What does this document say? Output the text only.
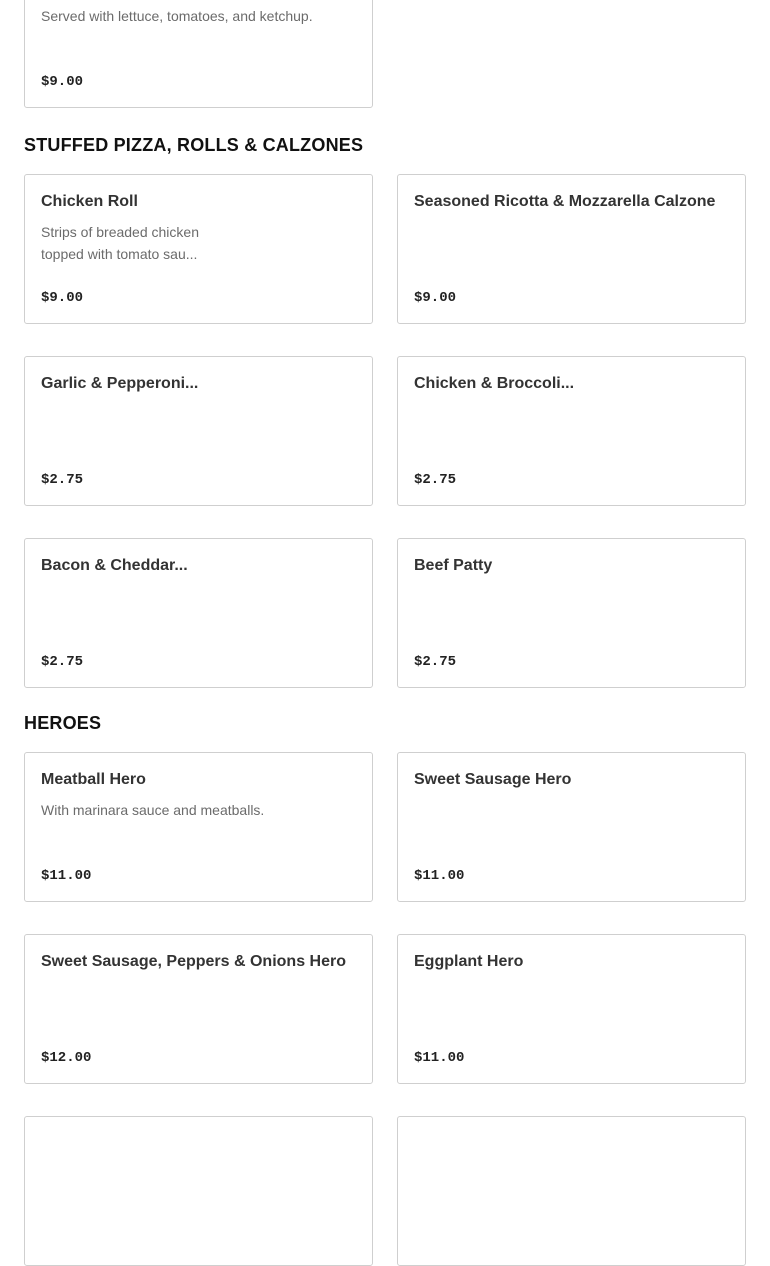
Served with lettuce, tomatoes, and ketchup.
$9.00
STUFFED PIZZA, ROLLS & CALZONES
Chicken Roll
Strips of breaded chicken topped with tomato sau...
$9.00
Seasoned Ricotta & Mozzarella Calzone
$9.00
Garlic & Pepperoni...
$2.75
Chicken & Broccoli...
$2.75
Bacon & Cheddar...
$2.75
Beef Patty
$2.75
HEROES
Meatball Hero
With marinara sauce and meatballs.
$11.00
Sweet Sausage Hero
$11.00
Sweet Sausage, Peppers & Onions Hero
$12.00
Eggplant Hero
$11.00
